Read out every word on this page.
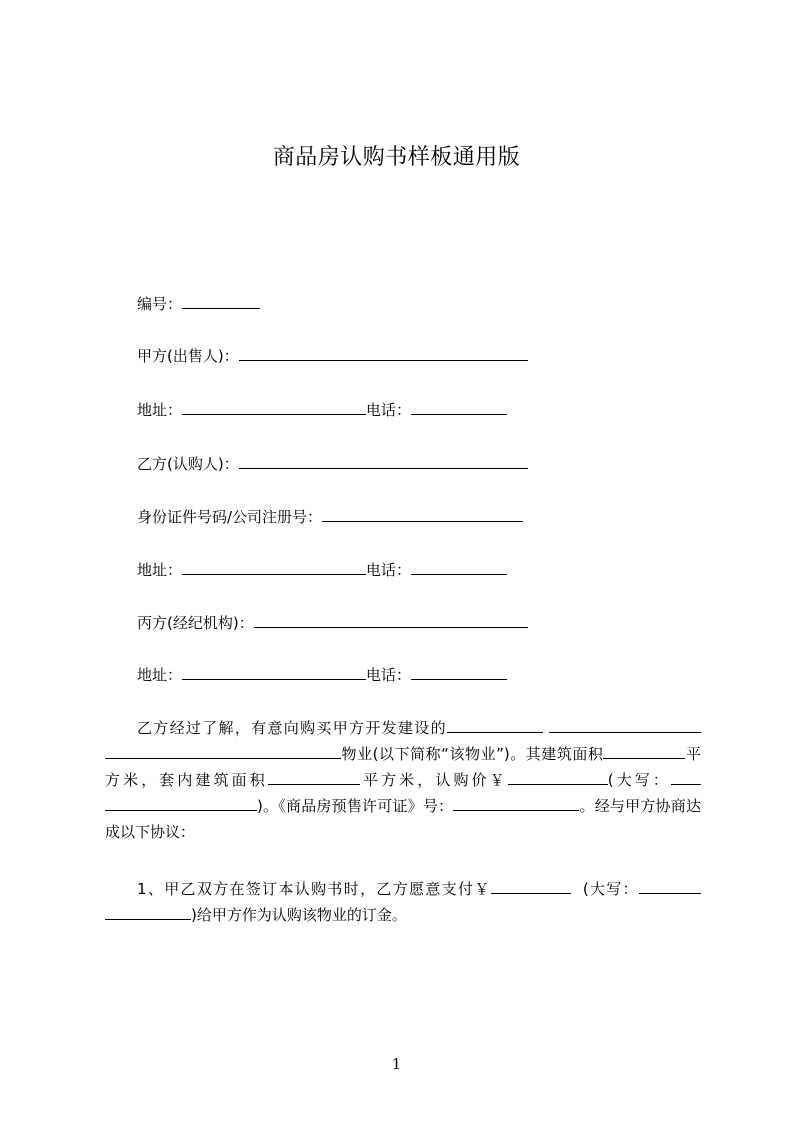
商品房认购书样板通用版
编号：
甲方(出售人)：
地址：	电话：
乙方(认购人)：
身份证件号码/公司注册号：
地址：	电话：
丙方(经纪机构)：
地址：	电话：
乙方经过了解，有意向购买甲方开发建设的 物业(以下简称“该物业”)。其建筑面积	平方米，套内建筑面积	平方米，认购价￥	(大写：)。《商品房预售许可证》号：	。经与甲方协商达成以下协议：
1、甲乙双方在签订本认购书时，乙方愿意支付￥	(大写：)给甲方作为认购该物业的订金。
1
